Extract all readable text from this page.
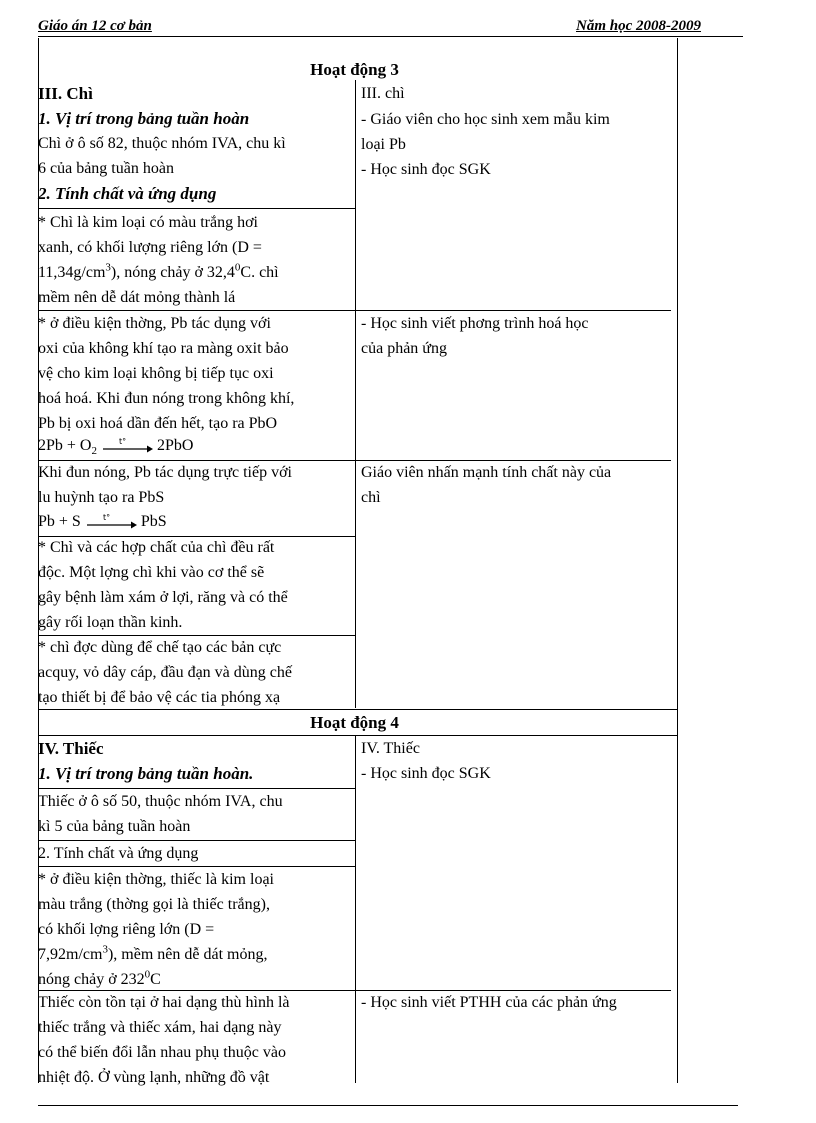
Giáo án 12 cơ bản	Năm học 2008-2009
Hoạt động 3
III. Chì
1. Vị trí trong bảng tuần hoàn

Chì ở ô số 82, thuộc nhóm IVA, chu kì

6 của bảng tuần hoàn

2. Tính chất và ứng dụng

* Chì là kim loại có màu trắng hơi

xanh, có khối lượng riêng lớn (D =

$11,34g/cm^3$), nóng chảy ở 32,4$^0$C. chì

mềm nên dễ dát mỏng thành lá

* ở điều kiện thờng, Pb tác dụng với

oxi của không khí tạo ra màng oxit bảo

vệ cho kim loại không bị tiếp tục oxi

hoá hoá. Khi đun nóng trong không khí,

Pb bị oxi hoá dần đến hết, tạo ra PbO

$2Pb + O_2$
t° 2PbO

Khi đun nóng, Pb tác dụng trực tiếp với

lu huỳnh tạo ra PbS

Pb + S	t° PbS

* Chì và các hợp chất của chì đều rất

độc. Một lợng chì khi vào cơ thể sẽ

gây bệnh làm xám ở lợi, răng và có thể

gây rối loạn thần kinh.

* chì đợc dùng để chế tạo các bản cực

acquy, vỏ dây cáp, đầu đạn và dùng chế

tạo thiết bị để bảo vệ các tia phóng xạ

III. chì

- Giáo viên cho học sinh xem mẫu kim

loại Pb

- Học sinh đọc SGK

- Học sinh viết phơng trình hoá học

của phản ứng

Giáo viên nhấn mạnh tính chất này của

chì

Hoạt động 4
IV. Thiếc
1. Vị trí trong bảng tuần hoàn.

Thiếc ở ô số 50, thuộc nhóm IVA, chu

kì 5 của bảng tuần hoàn

2. Tính chất và ứng dụng

* ở điều kiện thờng, thiếc là kim loại

màu trắng (thờng gọi là thiếc trắng),

có khối lợng riêng lớn (D =

$7,92m/cm^3$), mềm nên dễ dát mỏng,

nóng chảy ở $232^0C$

Thiếc còn tồn tại ở hai dạng thù hình là

thiếc trắng và thiếc xám, hai dạng này

có thể biến đổi lẫn nhau phụ thuộc vào

nhiệt độ. Ở vùng lạnh, những đồ vật

IV. Thiếc

- Học sinh đọc SGK

- Học sinh viết PTHH của các phản ứng
